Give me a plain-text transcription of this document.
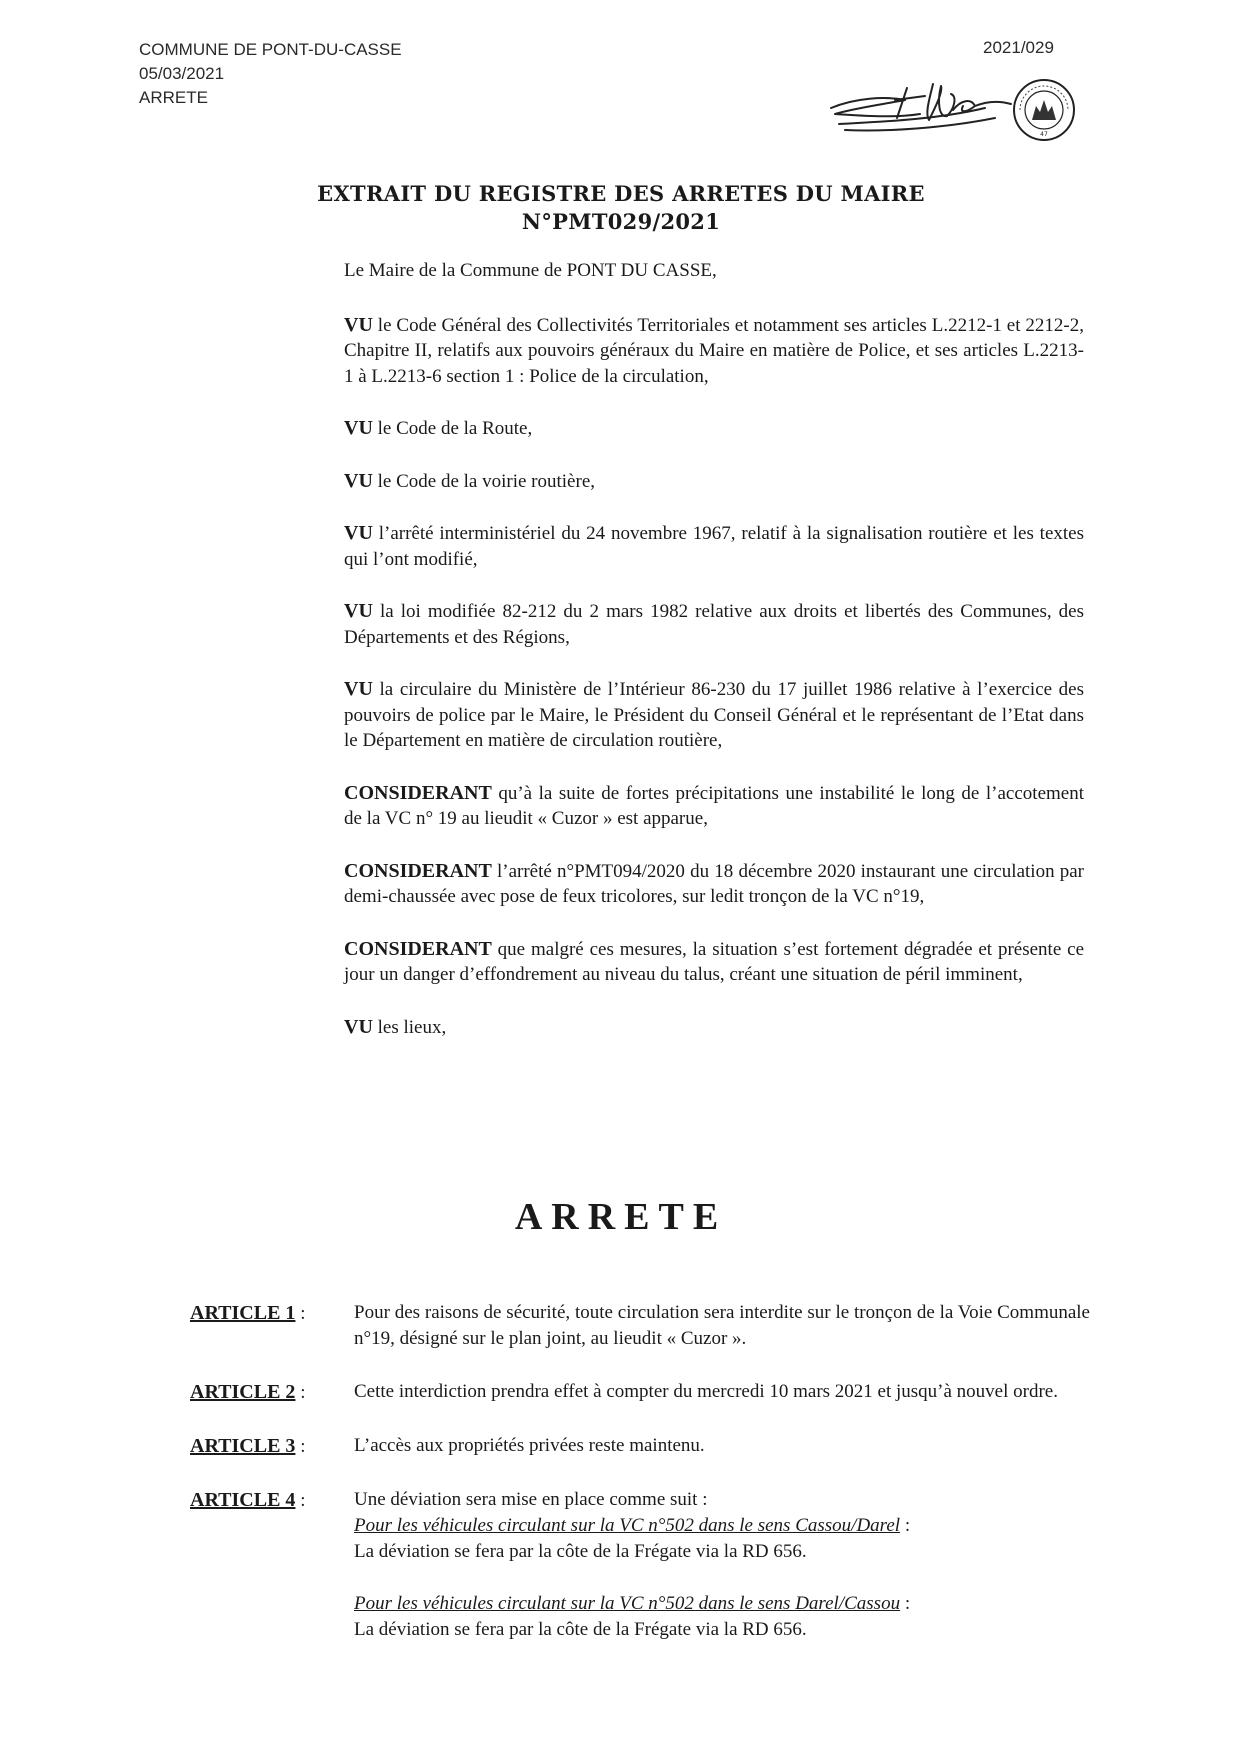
COMMUNE DE PONT-DU-CASSE
05/03/2021
ARRETE
2021/029
47
EXTRAIT DU REGISTRE DES ARRETES DU MAIRE
N°PMT029/2021

Le Maire de la Commune de PONT DU CASSE,

VU le Code Général des Collectivités Territoriales et notamment ses articles L.2212-1 et 2212-2, Chapitre II, relatifs aux pouvoirs généraux du Maire en matière de Police, et ses articles L.2213-1 à L.2213-6 section 1 : Police de la circulation,

VU le Code de la Route,

VU le Code de la voirie routière,

VU l’arrêté interministériel du 24 novembre 1967, relatif à la signalisation routière et les textes qui l’ont modifié,

VU la loi modifiée 82-212 du 2 mars 1982 relative aux droits et libertés des Communes, des Départements et des Régions,

VU la circulaire du Ministère de l’Intérieur 86-230 du 17 juillet 1986 relative à l’exercice des pouvoirs de police par le Maire, le Président du Conseil Général et le représentant de l’Etat dans le Département en matière de circulation routière,

CONSIDERANT qu’à la suite de fortes précipitations une instabilité le long de l’accotement de la VC n° 19 au lieudit « Cuzor » est apparue,

CONSIDERANT l’arrêté n°PMT094/2020 du 18 décembre 2020 instaurant une circulation par demi-chaussée avec pose de feux tricolores, sur ledit tronçon de la VC n°19,

CONSIDERANT que malgré ces mesures, la situation s’est fortement dégradée et présente ce jour un danger d’effondrement au niveau du talus, créant une situation de péril imminent,

VU les lieux,

ARRETE
ARTICLE 1 :	Pour des raisons de sécurité, toute circulation sera interdite sur le tronçon de la Voie Communale n°19, désigné sur le plan joint, au lieudit « Cuzor ».

ARTICLE 2 :	Cette interdiction prendra effet à compter du mercredi 10 mars 2021 et jusqu’à nouvel ordre.

ARTICLE 3 :	L’accès aux propriétés privées reste maintenu.

ARTICLE 4 :	Une déviation sera mise en place comme suit :

Pour les véhicules circulant sur la VC n°502 dans le sens Cassou/Darel :

La déviation se fera par la côte de la Frégate via la RD 656.

Pour les véhicules circulant sur la VC n°502 dans le sens Darel/Cassou :

La déviation se fera par la côte de la Frégate via la RD 656.
